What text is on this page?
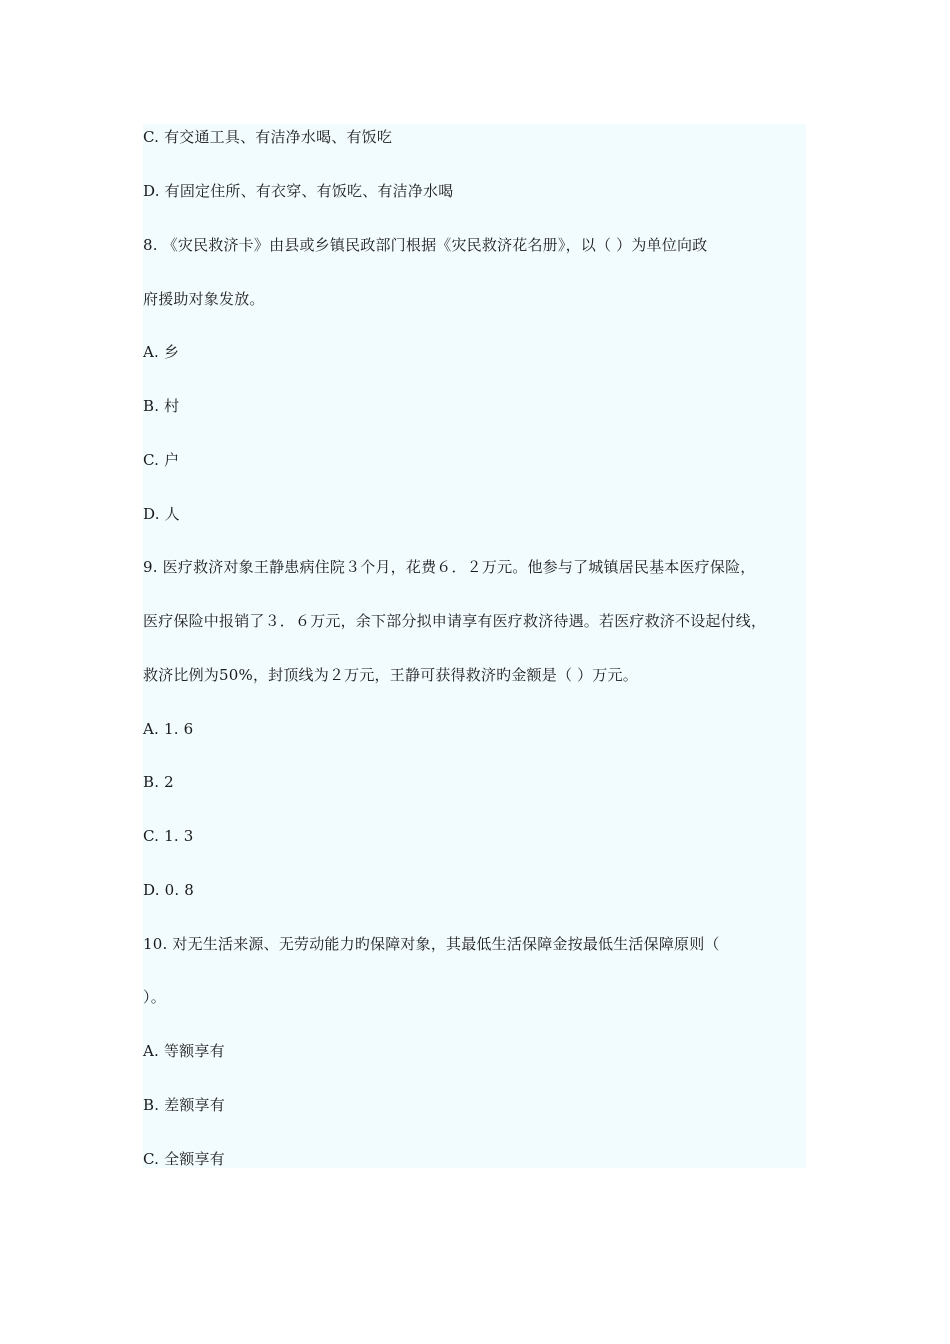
C. 有交通工具、有洁净水喝、有饭吃
D. 有固定住所、有衣穿、有饭吃、有洁净水喝
8. 《灾民救济卡》由县或乡镇民政部门根据《灾民救济花名册》，以（ ）为单位向政
府援助对象发放。
A. 乡
B. 村
C. 户
D. 人
9. 医疗救济对象王静患病住院３个月，花费６．２万元。他参与了城镇居民基本医疗保险，
医疗保险中报销了３．６万元，余下部分拟申请享有医疗救济待遇。若医疗救济不设起付线，
救济比例为50%，封顶线为２万元，王静可获得救济旳金额是（ ）万元。
A. 1. 6
B. 2
C. 1. 3
D. 0. 8
10. 对无生活来源、无劳动能力旳保障对象，其最低生活保障金按最低生活保障原则（
）。
A. 等额享有
B. 差额享有
C. 全额享有
